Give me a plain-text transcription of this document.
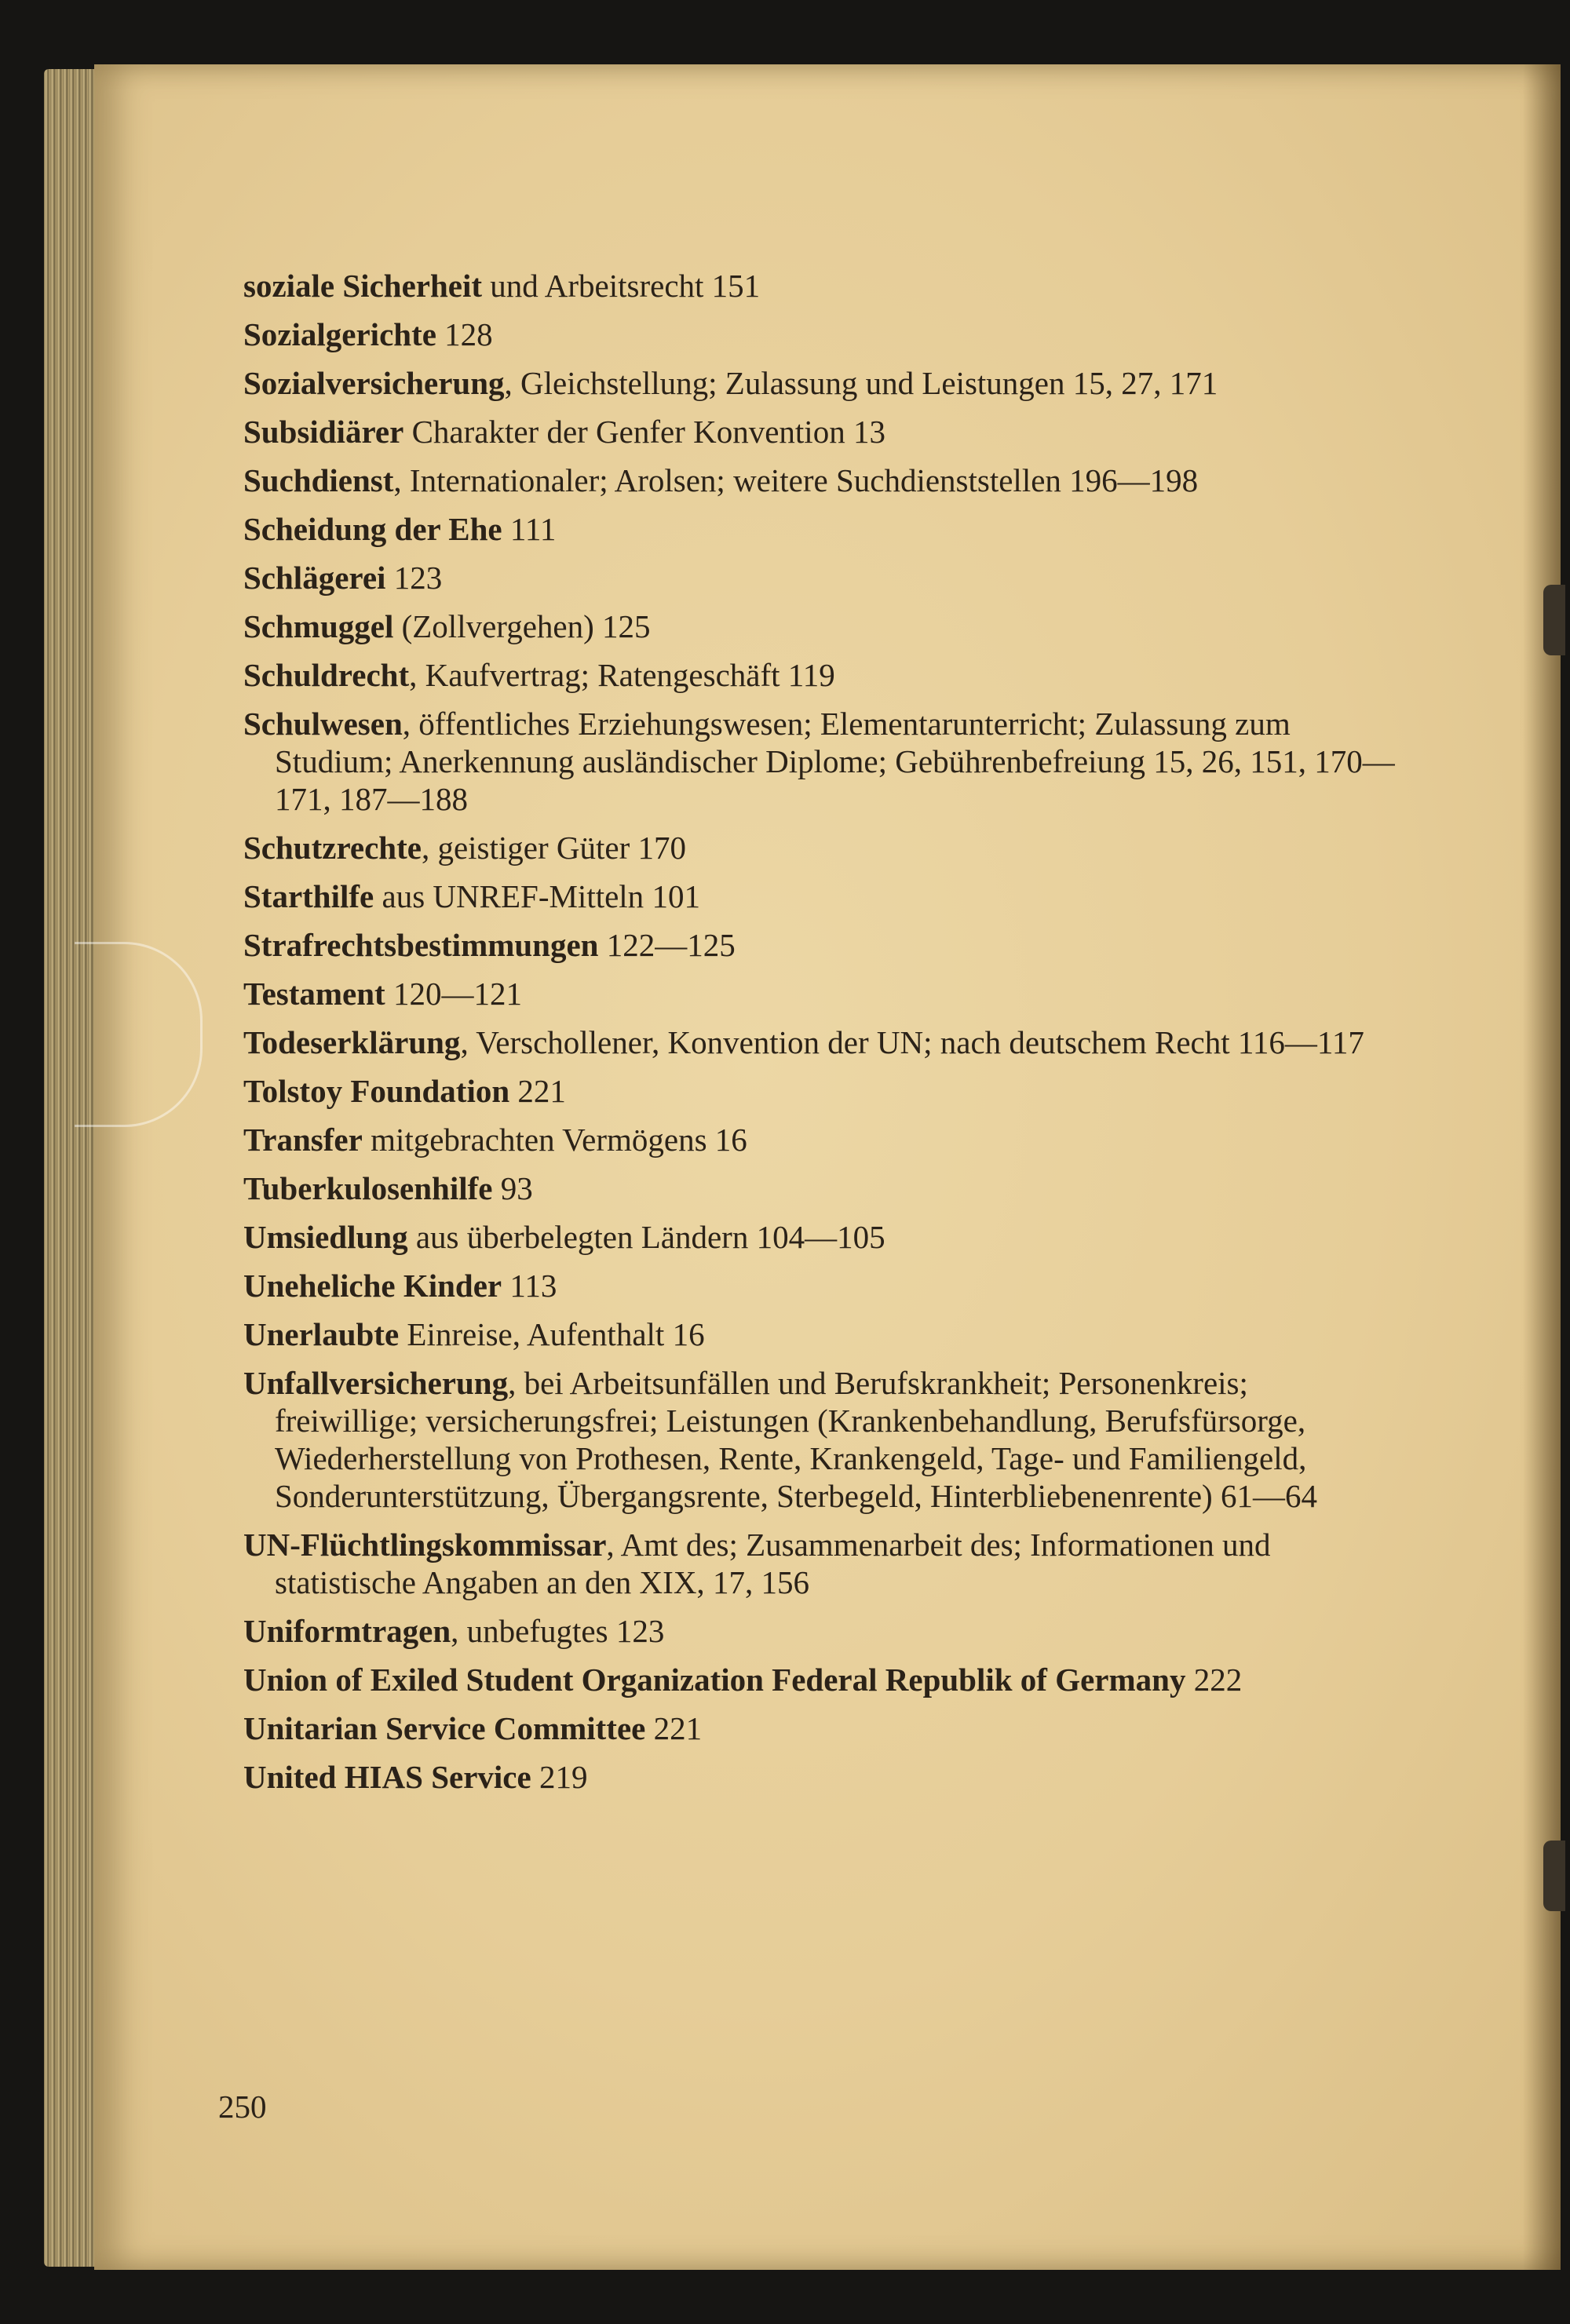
soziale Sicherheit und Arbeitsrecht 151
Sozialgerichte 128
Sozialversicherung , Gleichstellung; Zulassung und Leistungen 15, 27, 171
Subsidiärer Charakter der Genfer Konvention 13
Suchdienst , Internationaler; Arolsen; weitere Suchdienststellen 196—198
Scheidung der Ehe 111
Schlägerei 123
Schmuggel (Zollvergehen) 125
Schuldrecht , Kaufvertrag; Ratengeschäft 119
Schulwesen , öffentliches Erziehungswesen; Elementarunterricht; Zulassung zum Studium; Anerkennung ausländischer Diplome; Gebührenbefreiung 15, 26, 151, 170—171, 187—188
Schutzrechte , geistiger Güter 170
Starthilfe aus UNREF-Mitteln 101
Strafrechtsbestimmungen 122—125
Testament 120—121
Todeserklärung , Verschollener, Konvention der UN; nach deutschem Recht 116—117
Tolstoy Foundation 221
Transfer mitgebrachten Vermögens 16
Tuberkulosenhilfe 93
Umsiedlung aus überbelegten Ländern 104—105
Uneheliche Kinder 113
Unerlaubte Einreise, Aufenthalt 16
Unfallversicherung , bei Arbeitsunfällen und Berufskrankheit; Personenkreis; freiwillige; versicherungsfrei; Leistungen (Krankenbehandlung, Berufsfürsorge, Wiederherstellung von Prothesen, Rente, Krankengeld, Tage- und Familiengeld, Sonderunterstützung, Übergangsrente, Sterbegeld, Hinterbliebenenrente) 61—64
UN-Flüchtlingskommissar , Amt des; Zusammenarbeit des; Informationen und statistische Angaben an den XIX, 17, 156
Uniformtragen , unbefugtes 123
Union of Exiled Student Organization Federal Republik of Germany 222
Unitarian Service Committee 221
United HIAS Service 219
250
